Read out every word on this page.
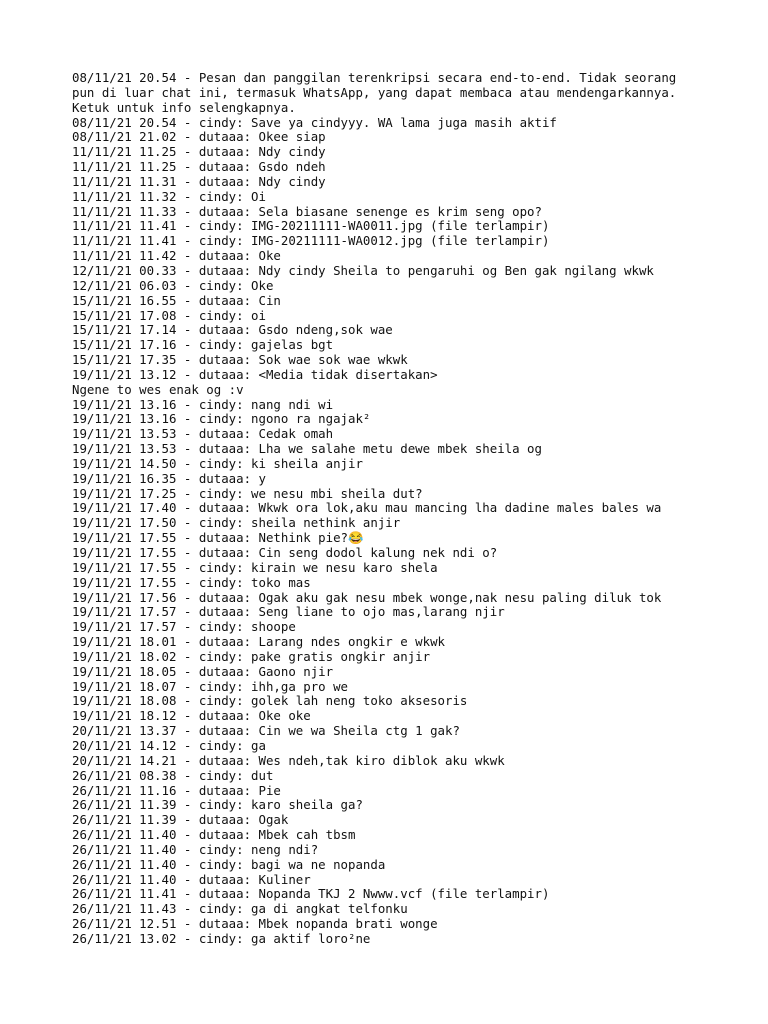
08/11/21 20.54 - Pesan dan panggilan terenkripsi secara end-to-end. Tidak seorang
pun di luar chat ini, termasuk WhatsApp, yang dapat membaca atau mendengarkannya.
Ketuk untuk info selengkapnya.
08/11/21 20.54 - cindy: Save ya cindyyy. WA lama juga masih aktif
08/11/21 21.02 - dutaaa: Okee siap
11/11/21 11.25 - dutaaa: Ndy cindy
11/11/21 11.25 - dutaaa: Gsdo ndeh
11/11/21 11.31 - dutaaa: Ndy cindy
11/11/21 11.32 - cindy: Oi
11/11/21 11.33 - dutaaa: Sela biasane senenge es krim seng opo?
11/11/21 11.41 - cindy: IMG-20211111-WA0011.jpg (file terlampir)
11/11/21 11.41 - cindy: IMG-20211111-WA0012.jpg (file terlampir)
11/11/21 11.42 - dutaaa: Oke
12/11/21 00.33 - dutaaa: Ndy cindy Sheila to pengaruhi og Ben gak ngilang wkwk
12/11/21 06.03 - cindy: Oke
15/11/21 16.55 - dutaaa: Cin
15/11/21 17.08 - cindy: oi
15/11/21 17.14 - dutaaa: Gsdo ndeng,sok wae
15/11/21 17.16 - cindy: gajelas bgt
15/11/21 17.35 - dutaaa: Sok wae sok wae wkwk
19/11/21 13.12 - dutaaa: <Media tidak disertakan>
Ngene to wes enak og :v
19/11/21 13.16 - cindy: nang ndi wi
19/11/21 13.16 - cindy: ngono ra ngajak²
19/11/21 13.53 - dutaaa: Cedak omah
19/11/21 13.53 - dutaaa: Lha we salahe metu dewe mbek sheila og
19/11/21 14.50 - cindy: ki sheila anjir
19/11/21 16.35 - dutaaa: y
19/11/21 17.25 - cindy: we nesu mbi sheila dut?
19/11/21 17.40 - dutaaa: Wkwk ora lok,aku mau mancing lha dadine males bales wa
19/11/21 17.50 - cindy: sheila nethink anjir
19/11/21 17.55 - dutaaa: Nethink pie?😂
19/11/21 17.55 - dutaaa: Cin seng dodol kalung nek ndi o?
19/11/21 17.55 - cindy: kirain we nesu karo shela
19/11/21 17.55 - cindy: toko mas
19/11/21 17.56 - dutaaa: Ogak aku gak nesu mbek wonge,nak nesu paling diluk tok
19/11/21 17.57 - dutaaa: Seng liane to ojo mas,larang njir
19/11/21 17.57 - cindy: shoope
19/11/21 18.01 - dutaaa: Larang ndes ongkir e wkwk
19/11/21 18.02 - cindy: pake gratis ongkir anjir
19/11/21 18.05 - dutaaa: Gaono njir
19/11/21 18.07 - cindy: ihh,ga pro we
19/11/21 18.08 - cindy: golek lah neng toko aksesoris
19/11/21 18.12 - dutaaa: Oke oke
20/11/21 13.37 - dutaaa: Cin we wa Sheila ctg 1 gak?
20/11/21 14.12 - cindy: ga
20/11/21 14.21 - dutaaa: Wes ndeh,tak kiro diblok aku wkwk
26/11/21 08.38 - cindy: dut
26/11/21 11.16 - dutaaa: Pie
26/11/21 11.39 - cindy: karo sheila ga?
26/11/21 11.39 - dutaaa: Ogak
26/11/21 11.40 - dutaaa: Mbek cah tbsm
26/11/21 11.40 - cindy: neng ndi?
26/11/21 11.40 - cindy: bagi wa ne nopanda
26/11/21 11.40 - dutaaa: Kuliner
26/11/21 11.41 - dutaaa: Nopanda TKJ 2 Nwww.vcf (file terlampir)
26/11/21 11.43 - cindy: ga di angkat telfonku
26/11/21 12.51 - dutaaa: Mbek nopanda brati wonge
26/11/21 13.02 - cindy: ga aktif loro²ne
